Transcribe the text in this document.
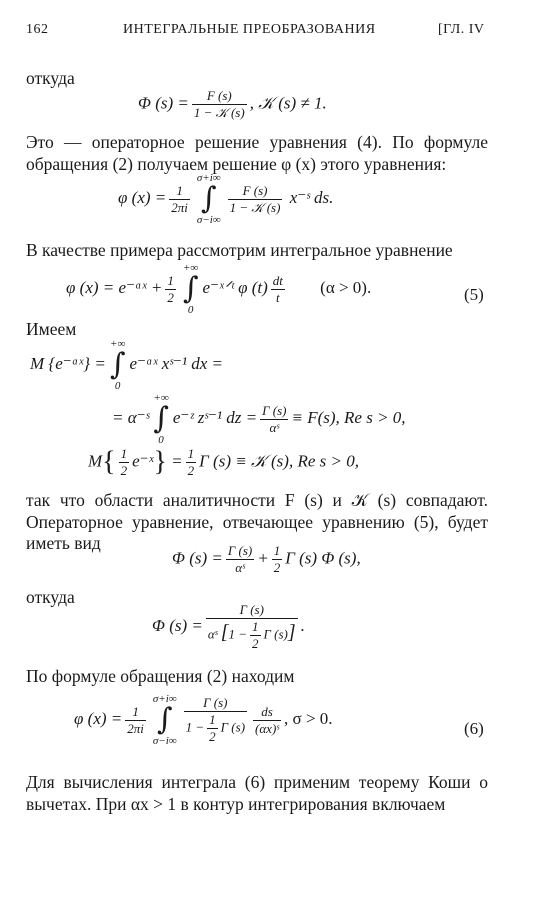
162	ИНТЕГРАЛЬНЫЕ ПРЕОБРАЗОВАНИЯ	[ГЛ. IV
откуда
Φ $(s) = \frac{F (s)}{\text{1 − 𝒦 (s)}}$ , 𝒦 (s) ≠ 1.
Это — операторное решение уравнения (4). По формуле обращения (2) получаем решение φ (x) этого уравнения:
φ $(x) = \frac{1}{2\pi i}$
σ+i∞
∫
σ−i∞
$\frac{F (s)}{\text{1 − 𝒦 (s)}}$ x⁻ˢ ds.
В качестве примера рассмотрим интегральное уравнение
φ (x) = e⁻ᵅˣ + $\frac{1}{2}$
+∞
∫
0
e⁻ˣᐟᵗ φ $(t) \frac{dt}{t} (\alpha > 0)$.	(5)
Имеем
M {e⁻ᵅˣ} =
+∞
∫
0
e⁻ᵅˣ xˢ⁻¹ dx =
= α⁻ˢ
+∞
∫
0
e⁻ᶻ zˢ⁻¹ dz = $\frac{\Gamma (s)}{\text{αˢ}} \equiv F(s)$, Re s > 0,
$M\{ \frac{1}{2}$ e⁻ˣ} = $\frac{1}{2}$ Γ (s) ≡ 𝒦 (s), Re s > 0,
так что области аналитичности F (s) и 𝒦 (s) совпадают. Операторное уравнение, отвечающее уравнению (5), будет иметь вид
Φ $(s) = \frac{\Gamma (s)}{\text{αˢ}} + \frac{1}{2}$ Γ (s) Φ (s),
откуда
Φ $(s) = \frac{\Gamma (s)}{\alpha ˢ [1 - \frac{1}{2} \Gamma (s)]}$ .
По формуле обращения (2) находим
φ $(x) = \frac{1}{2\pi i}$
σ+i∞
∫
$\sigma-i\infty \frac{\Gamma (s)}{1 - \frac{1}{2} \Gamma (s)} \frac{ds}{\text{(αx)ˢ}}$ , σ > 0.
(6)
Для вычисления интеграла (6) применим теорему Коши о вычетах. При αx > 1 в контур интегрирования включаем
